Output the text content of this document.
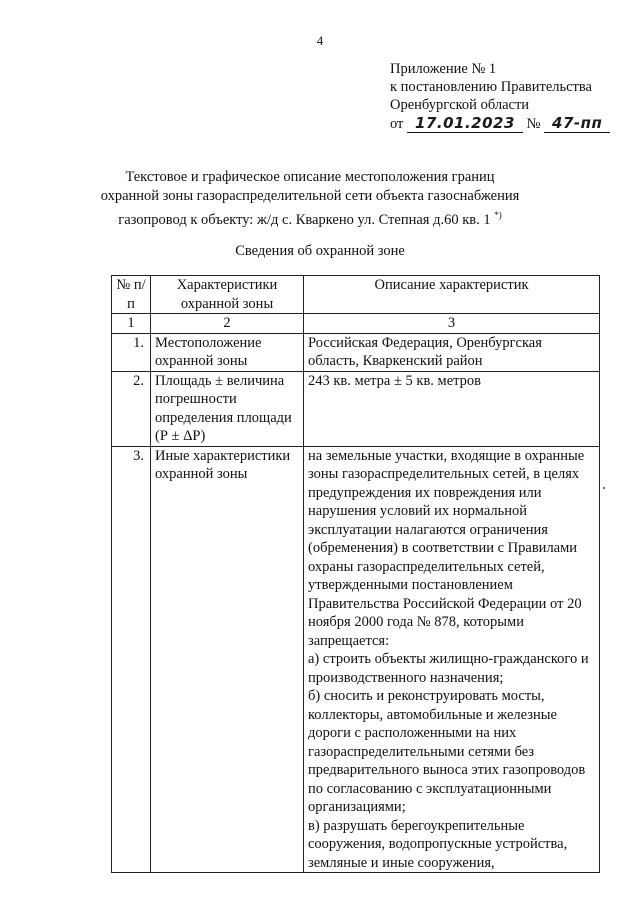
4
Приложение № 1
к постановлению Правительства
Оренбургской области
от 17.01.2023 № 47-пп
Текстовое и графическое описание местоположения границ
охранной зоны газораспределительной сети объекта газоснабжения
газопровод к объекту: ж/д с. Кваркено ул. Степная д.60 кв. 1 *)
Сведения об охранной зоне
№ п/п	Характеристики охранной зоны	Описание характеристик
1	2	3
1.	Местоположение охранной зоны	Российская Федерация, Оренбургская область, Кваркенский район
2.	Площадь ± величина погрешности определения площади (Р ± ΔР)	243 кв. метра ± 5 кв. метров
3.	Иные характеристики охранной зоны	на земельные участки, входящие в охранные зоны газораспределительных сетей, в целях предупреждения их повреждения или нарушения условий их нормальной эксплуатации налагаются ограничения (обременения) в соответствии с Правилами охраны газораспределительных сетей, утвержденными постановлением Правительства Российской Федерации от 20 ноября 2000 года № 878, которыми запрещается:
а) строить объекты жилищно-гражданского и производственного назначения;
б) сносить и реконструировать мосты, коллекторы, автомобильные и железные дороги с расположенными на них газораспределительными сетями без предварительного выноса этих газопроводов по согласованию с эксплуатационными организациями;
в) разрушать берегоукрепительные сооружения, водопропускные устройства, земляные и иные сооружения,
